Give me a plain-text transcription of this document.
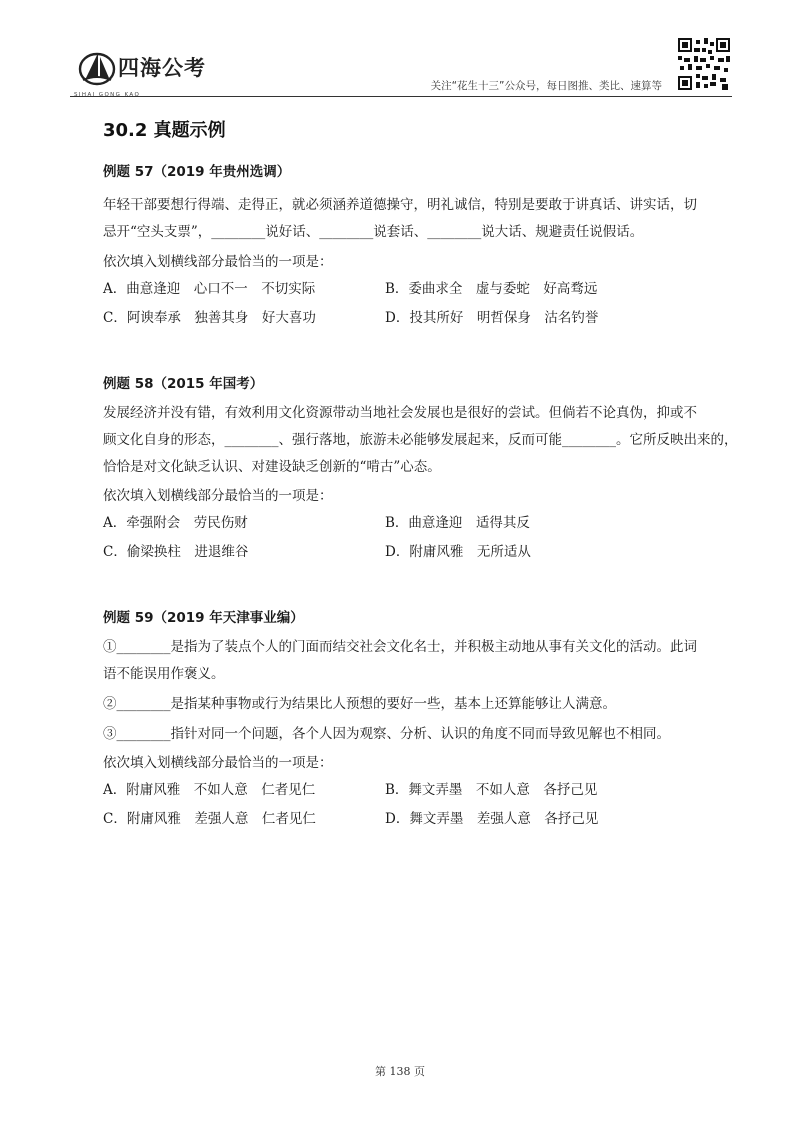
四海公考
SIHAI GONG KAO
关注“花生十三”公众号，每日图推、类比、速算等
30.2 真题示例
例题 57（2019 年贵州选调）
年轻干部要想行得端、走得正，就必须涵养道德操守，明礼诚信，特别是要敢于讲真话、讲实话，切
忌开“空头支票”，________说好话、________说套话、________说大话、规避责任说假话。
依次填入划横线部分最恰当的一项是：
A．曲意逢迎　心口不一　不切实际	B．委曲求全　虚与委蛇　好高骛远
C．阿谀奉承　独善其身　好大喜功	D．投其所好　明哲保身　沽名钓誉
例题 58（2015 年国考）
发展经济并没有错，有效利用文化资源带动当地社会发展也是很好的尝试。但倘若不论真伪，抑或不
顾文化自身的形态，________、强行落地，旅游未必能够发展起来，反而可能________。它所反映出来的，
恰恰是对文化缺乏认识、对建设缺乏创新的“啃古”心态。
依次填入划横线部分最恰当的一项是：
A．牵强附会　劳民伤财	B．曲意逢迎　适得其反
C．偷梁换柱　进退维谷	D．附庸风雅　无所适从
例题 59（2019 年天津事业编）
①________是指为了装点个人的门面而结交社会文化名士，并积极主动地从事有关文化的活动。此词
语不能误用作褒义。
②________是指某种事物或行为结果比人预想的要好一些，基本上还算能够让人满意。
③________指针对同一个问题，各个人因为观察、分析、认识的角度不同而导致见解也不相同。
依次填入划横线部分最恰当的一项是：
A．附庸风雅　不如人意　仁者见仁	B．舞文弄墨　不如人意　各抒己见
C．附庸风雅　差强人意　仁者见仁	D．舞文弄墨　差强人意　各抒己见
第 138 页
